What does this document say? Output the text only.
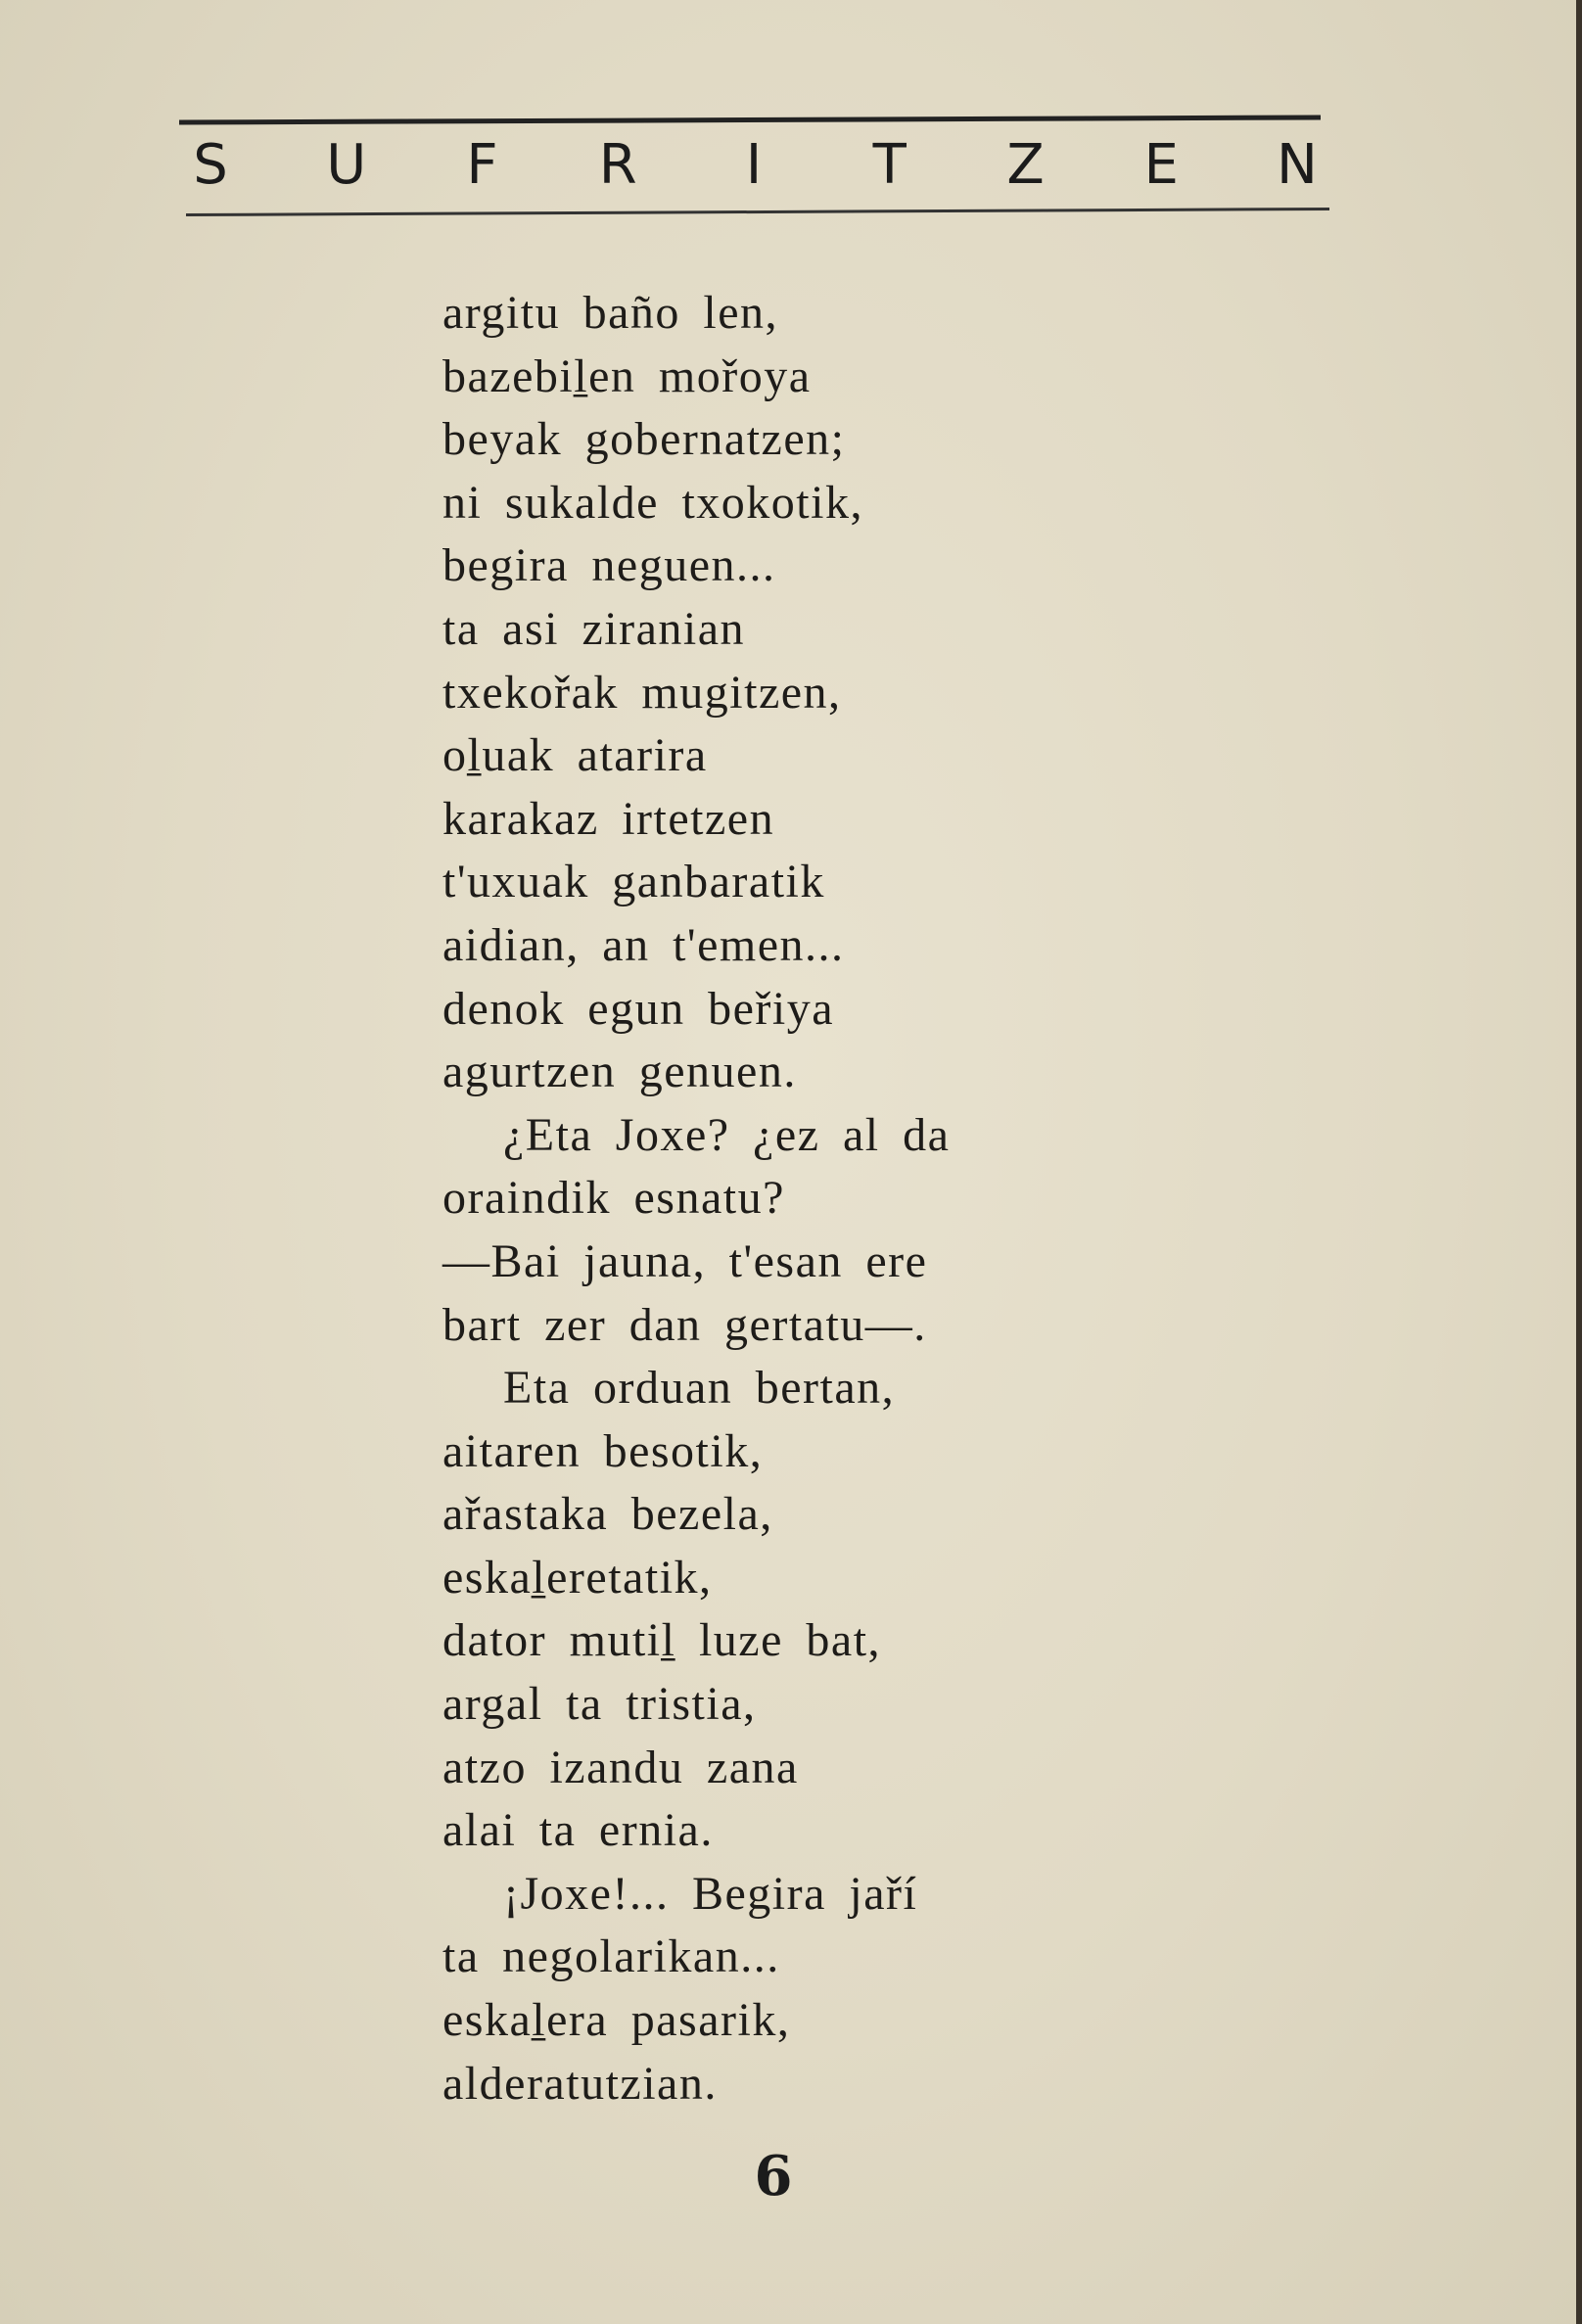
S	U	F	R	I	T	Z	E	N
argitu baño len,
bazebiḻen mořoya
beyak gobernatzen;
ni sukalde txokotik,
begira neguen...
ta asi ziranian
txekořak mugitzen,
oḻuak atarira
karakaz irtetzen
t'uxuak ganbaratik
aidian, an t'emen...
denok egun beřiya
agurtzen genuen.
¿Eta Joxe? ¿ez al da
oraindik esnatu?
—Bai jauna, t'esan ere
bart zer dan gertatu—.
Eta orduan bertan,
aitaren besotik,
ařastaka bezela,
eskaḻeretatik,
dator mutiḻ luze bat,
argal ta tristia,
atzo izandu zana
alai ta ernia.
¡Joxe!... Begira jaří
ta negolarikan...
eskaḻera pasarik,
alderatutzian.
6
